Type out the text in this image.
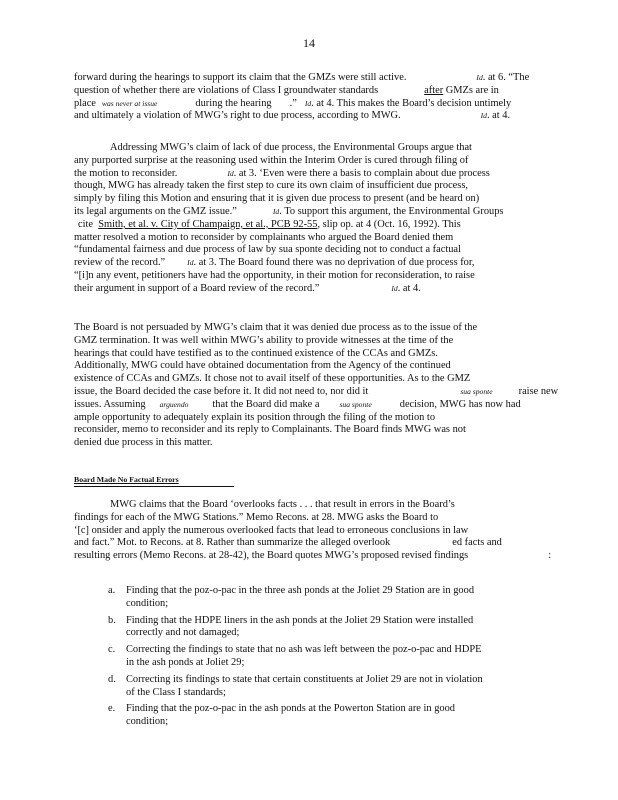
14
forward during the hearings to support its claim that the GMZs were still active.	Id. at 6. “The
question of whether there are violations of Class I groundwater standards	after GMZs are in
place was never at issue	during the hearing .” Id. at 4. This makes the Board’s decision untimely
and ultimately a violation of MWG’s right to due process, according to MWG.	Id. at 4.
Addressing MWG’s claim of lack of due process, the Environmental Groups argue that
any purported surprise at the reasoning used within the Interim Order is cured through filing of
the motion to reconsider.	Id. at 3. ‘Even were there a basis to complain about due process
though, MWG has already taken the first step to cure its own claim of insufficient due process,
simply by filing this Motion and ensuring that it is given due process to present (and be heard on)
its legal arguments on the GMZ issue.”	Id. To support this argument, the Environmental Groups
cite Smith, et al. v. City of Champaign, et al., PCB 92-55, slip op. at 4 (Oct. 16, 1992). This
matter resolved a motion to reconsider by complainants who argued the Board denied them
“fundamental fairness and due process of law by sua sponte deciding not to conduct a factual
review of the record.”	Id. at 3. The Board found there was no deprivation of due process for,
“[i]n any event, petitioners have had the opportunity, in their motion for reconsideration, to raise
their argument in support of a Board review of the record.”	Id. at 4.
The Board is not persuaded by MWG’s claim that it was denied due process as to the issue of the
GMZ termination. It was well within MWG’s ability to provide witnesses at the time of the
hearings that could have testified as to the continued existence of the CCAs and GMZs.
Additionally, MWG could have obtained documentation from the Agency of the continued
existence of CCAs and GMZs. It chose not to avail itself of these opportunities. As to the GMZ
issue, the Board decided the case before it. It did not need to, nor did it	sua sponte	raise new
issues. Assuming arguendo that the Board did make a	sua sponte	decision, MWG has now had
ample opportunity to adequately explain its position through the filing of the motion to
reconsider, memo to reconsider and its reply to Complainants. The Board finds MWG was not
denied due process in this matter.
Board Made No Factual Errors
MWG claims that the Board ‘overlooks facts . . . that result in errors in the Board’s
findings for each of the MWG Stations.” Memo Recons. at 28. MWG asks the Board to
‘[c] onsider and apply the numerous overlooked facts that lead to erroneous conclusions in law
and fact.” Mot. to Recons. at 8. Rather than summarize the alleged overlook	ed facts and
resulting errors (Memo Recons. at 28-42), the Board quotes MWG’s proposed revised findings	:
a. Finding that the poz-o-pac in the three ash ponds at the Joliet 29 Station are in good
condition;
b. Finding that the HDPE liners in the ash ponds at the Joliet 29 Station were installed
correctly and not damaged;
c. Correcting the findings to state that no ash was left between the poz-o-pac and HDPE
in the ash ponds at Joliet 29;
d. Correcting its findings to state that certain constituents at Joliet 29 are not in violation
of the Class I standards;
e. Finding that the poz-o-pac in the ash ponds at the Powerton Station are in good
condition;
